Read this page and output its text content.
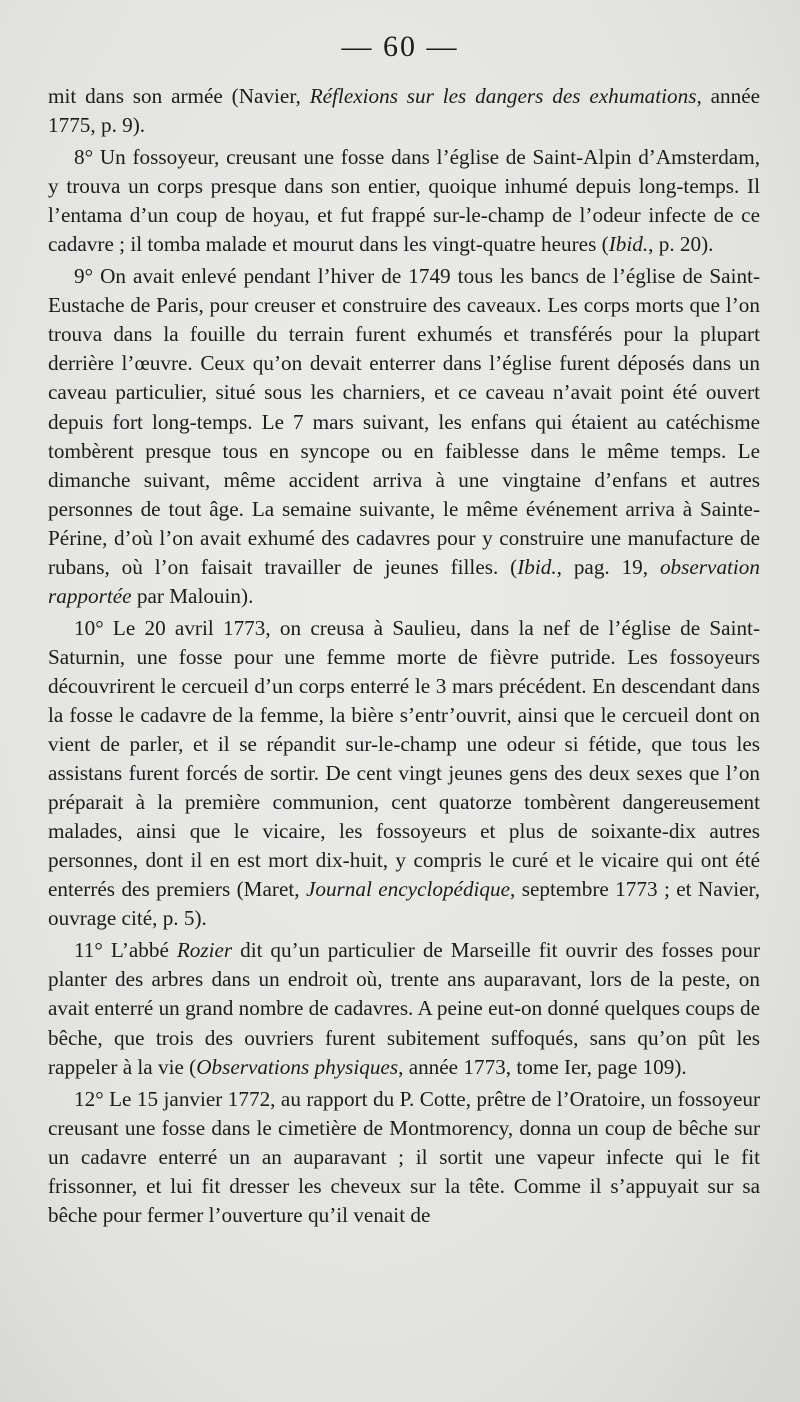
— 60 —

mit dans son armée (Navier, Réflexions sur les dangers des exhumations, année 1775, p. 9).

8° Un fossoyeur, creusant une fosse dans l’église de Saint-Alpin d’Amsterdam, y trouva un corps presque dans son entier, quoique inhumé depuis long-temps. Il l’entama d’un coup de hoyau, et fut frappé sur-le-champ de l’odeur infecte de ce cadavre ; il tomba malade et mourut dans les vingt-quatre heures (Ibid., p. 20).

9° On avait enlevé pendant l’hiver de 1749 tous les bancs de l’église de Saint-Eustache de Paris, pour creuser et construire des caveaux. Les corps morts que l’on trouva dans la fouille du terrain furent exhumés et transférés pour la plupart derrière l’œuvre. Ceux qu’on devait enterrer dans l’église furent déposés dans un caveau particulier, situé sous les charniers, et ce caveau n’avait point été ouvert depuis fort long-temps. Le 7 mars suivant, les enfans qui étaient au catéchisme tombèrent presque tous en syncope ou en faiblesse dans le même temps. Le dimanche suivant, même accident arriva à une vingtaine d’enfans et autres personnes de tout âge. La semaine suivante, le même événement arriva à Sainte-Périne, d’où l’on avait exhumé des cadavres pour y construire une manufacture de rubans, où l’on faisait travailler de jeunes filles. (Ibid., pag. 19, observation rapportée par Malouin).

10° Le 20 avril 1773, on creusa à Saulieu, dans la nef de l’église de Saint-Saturnin, une fosse pour une femme morte de fièvre putride. Les fossoyeurs découvrirent le cercueil d’un corps enterré le 3 mars précédent. En descendant dans la fosse le cadavre de la femme, la bière s’entr’ouvrit, ainsi que le cercueil dont on vient de parler, et il se répandit sur-le-champ une odeur si fétide, que tous les assistans furent forcés de sortir. De cent vingt jeunes gens des deux sexes que l’on préparait à la première communion, cent quatorze tombèrent dangereusement malades, ainsi que le vicaire, les fossoyeurs et plus de soixante-dix autres personnes, dont il en est mort dix-huit, y compris le curé et le vicaire qui ont été enterrés des premiers (Maret, Journal encyclopédique, septembre 1773 ; et Navier, ouvrage cité, p. 5).

11° L’abbé Rozier dit qu’un particulier de Marseille fit ouvrir des fosses pour planter des arbres dans un endroit où, trente ans auparavant, lors de la peste, on avait enterré un grand nombre de cadavres. A peine eut-on donné quelques coups de bêche, que trois des ouvriers furent subitement suffoqués, sans qu’on pût les rappeler à la vie (Observations physiques, année 1773, tome Ier, page 109).

12° Le 15 janvier 1772, au rapport du P. Cotte, prêtre de l’Oratoire, un fossoyeur creusant une fosse dans le cimetière de Montmorency, donna un coup de bêche sur un cadavre enterré un an auparavant ; il sortit une vapeur infecte qui le fit frissonner, et lui fit dresser les cheveux sur la tête. Comme il s’appuyait sur sa bêche pour fermer l’ouverture qu’il venait de
